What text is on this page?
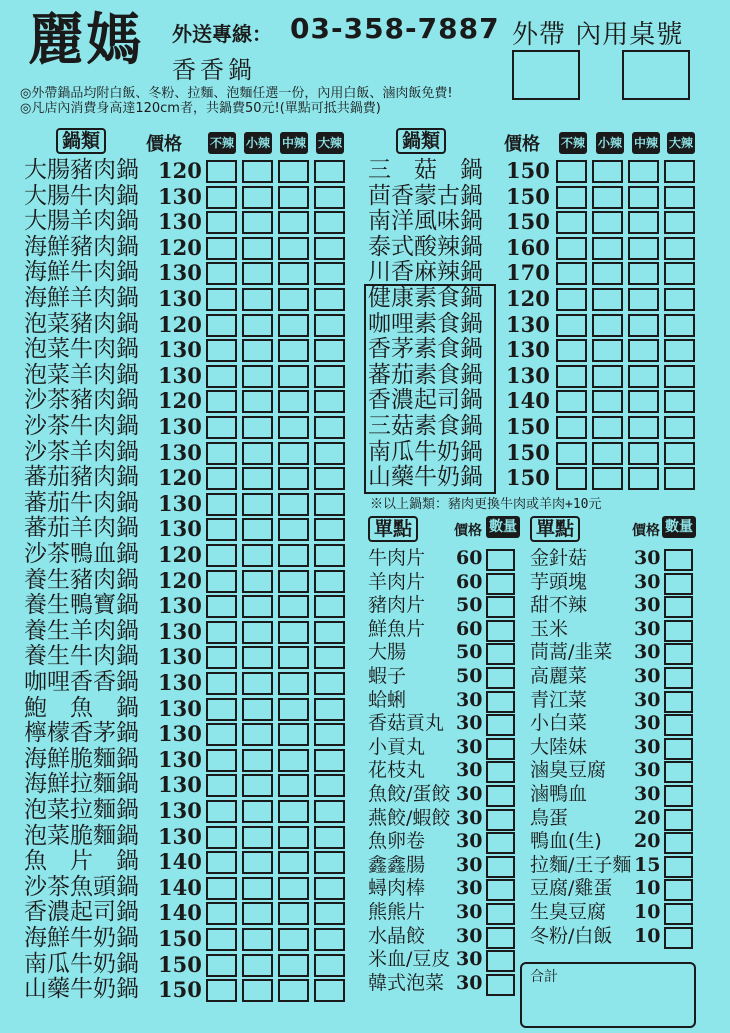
麗媽 外送專線： 03-358-7887
香香鍋
外帶 內用桌號
◎外帶鍋品均附白飯、冬粉、拉麵、泡麵任選一份，內用白飯、滷肉飯免費!
◎凡店內消費身高達120cm者，共鍋費50元!(單點可抵共鍋費)
鍋類	價格 不辣 小辣 中辣 大辣	鍋類	價格 不辣 小辣 中辣 大辣
大腸豬肉鍋 120
大腸牛肉鍋 130
大腸羊肉鍋 130
海鮮豬肉鍋 120
海鮮牛肉鍋 130
海鮮羊肉鍋 130
泡菜豬肉鍋 120
泡菜牛肉鍋 130
泡菜羊肉鍋 130
沙茶豬肉鍋 120
沙茶牛肉鍋 130
沙茶羊肉鍋 130
蕃茄豬肉鍋 120
蕃茄牛肉鍋 130
蕃茄羊肉鍋 130
沙茶鴨血鍋 120
養生豬肉鍋 120
養生鴨寶鍋 130
養生羊肉鍋 130
養生牛肉鍋 130
咖哩香香鍋 130
鮑　魚　鍋 130
檸檬香茅鍋 130
海鮮脆麵鍋 130
海鮮拉麵鍋 130
泡菜拉麵鍋 130
泡菜脆麵鍋 130
魚　片　鍋 140
沙茶魚頭鍋 140
香濃起司鍋 140
海鮮牛奶鍋 150
南瓜牛奶鍋 150
山藥牛奶鍋 150
三　菇　鍋 150
茴香蒙古鍋 150
南洋風味鍋 150
泰式酸辣鍋 160
川香麻辣鍋 170
健康素食鍋 120
咖哩素食鍋 130
香茅素食鍋 130
蕃茄素食鍋 130
香濃起司鍋 140
三菇素食鍋 150
南瓜牛奶鍋 150
山藥牛奶鍋 150
※以上鍋類：豬肉更換牛肉或羊肉+10元
單點	價格 數量	單點	價格 數量
牛肉片 60
羊肉片 60
豬肉片 50
鮮魚片 60
大腸	50
蝦子	50
蛤蜊	30
香菇貢丸 30
小貢丸 30
花枝丸 30
魚餃/蛋餃 30
燕餃/蝦餃 30
魚卵卷 30
鑫鑫腸 30
蟳肉棒 30
熊熊片 30
水晶餃 30
米血/豆皮 30
韓式泡菜 30
金針菇 30
芋頭塊 30
甜不辣 30
玉米	30
茼蒿/韭菜 30
高麗菜 30
青江菜 30
小白菜 30
大陸妹 30
滷臭豆腐 30
滷鴨血 30
鳥蛋	20
鴨血(生) 20
拉麵/王子麵 15
豆腐/雞蛋 10
生臭豆腐 10
冬粉/白飯 10
合計
